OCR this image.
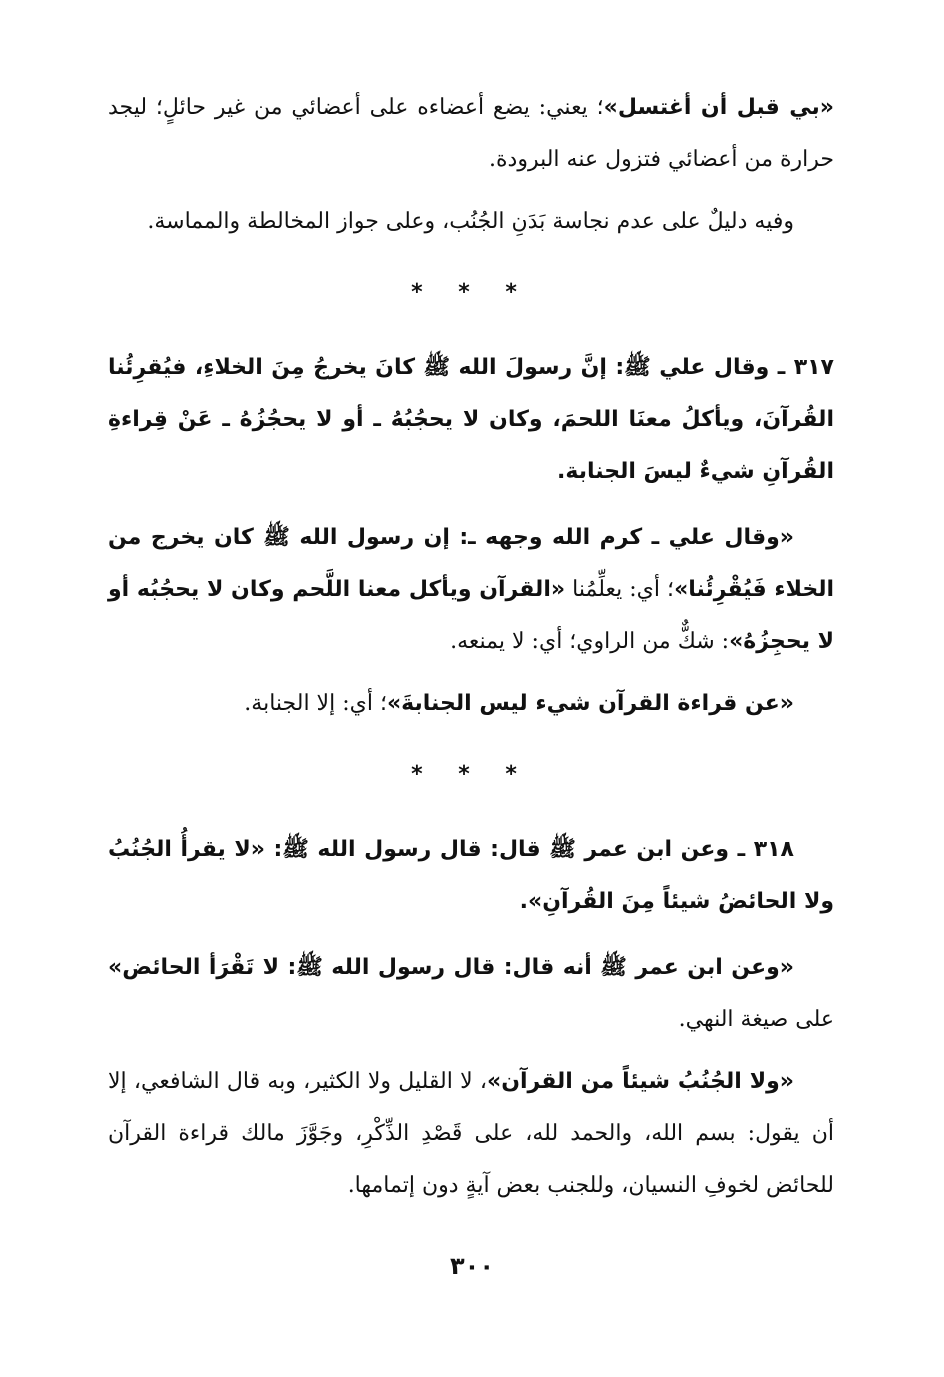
«بي قبل أن أغتسل»؛ يعني: يضع أعضاءه على أعضائي من غير حائلٍ؛ ليجد حرارة من أعضائي فتزول عنه البرودة.

وفيه دليلٌ على عدم نجاسة بَدَنِ الجُنُب، وعلى جواز المخالطة والمماسة.

* * *

٣١٧ ـ وقال علي ﷺ: إنَّ رسولَ الله ﷺ كانَ يخرجُ مِنَ الخلاءِ، فيُقرِئُنا القُرآنَ، ويأكلُ معنَا اللحمَ، وكان لا يحجُبُهُ ـ أو لا يحجُزُهُ ـ عَنْ قِراءةِ القُرآنِ شيءٌ ليسَ الجنابة.

«وقال علي ـ كرم الله وجهه ـ: إن رسول الله ﷺ كان يخرج من الخلاء فَيُقْرِئُنا»؛ أي: يعلِّمُنا «القرآن ويأكل معنا اللَّحم وكان لا يحجُبُه أو لا يحجِزُهُ»: شكٌّ من الراوي؛ أي: لا يمنعه.

«عن قراءة القرآن شيء ليس الجنابةَ»؛ أي: إلا الجنابة.

* * *

٣١٨ ـ وعن ابن عمر ﷺ قال: قال رسول الله ﷺ: «لا يقرأُ الجُنُبُ ولا الحائضُ شيئاً مِنَ القُرآنِ».

«وعن ابن عمر ﷺ أنه قال: قال رسول الله ﷺ: لا تَقْرَأ الحائض» على صيغة النهي.

«ولا الجُنُبُ شيئاً من القرآن»، لا القليل ولا الكثير، وبه قال الشافعي، إلا أن يقول: بسم الله، والحمد لله، على قَصْدِ الذِّكْرِ، وجَوَّزَ مالك قراءة القرآن للحائض لخوفِ النسيان، وللجنب بعض آيةٍ دون إتمامها.

٣٠٠
